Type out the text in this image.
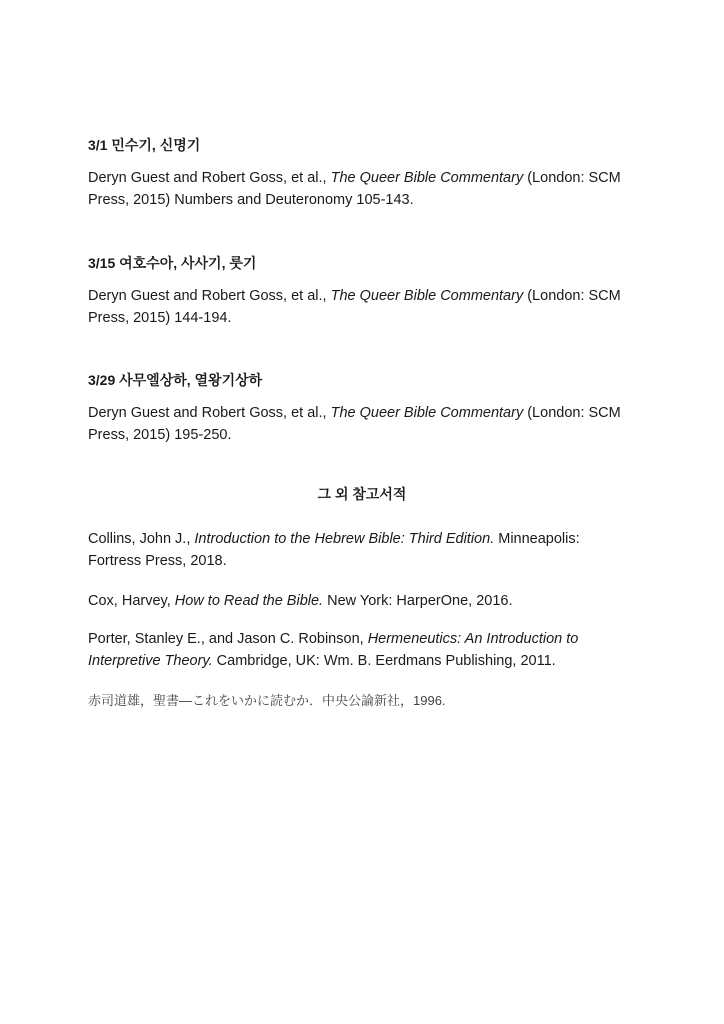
3/1 민수기, 신명기

Deryn Guest and Robert Goss, et al., The Queer Bible Commentary (London: SCM Press, 2015) Numbers and Deuteronomy 105-143.

3/15 여호수아, 사사기, 룻기

Deryn Guest and Robert Goss, et al., The Queer Bible Commentary (London: SCM Press, 2015) 144-194.

3/29 사무엘상하, 열왕기상하

Deryn Guest and Robert Goss, et al., The Queer Bible Commentary (London: SCM Press, 2015) 195-250.

그 외 참고서적
Collins, John J., Introduction to the Hebrew Bible: Third Edition. Minneapolis: Fortress Press, 2018.
Cox, Harvey, How to Read the Bible. New York: HarperOne, 2016.
Porter, Stanley E., and Jason C. Robinson, Hermeneutics: An Introduction to Interpretive Theory. Cambridge, UK: Wm. B. Eerdmans Publishing, 2011.
赤司道雄，聖書―これをいかに読むか．中央公論新社，1996.
